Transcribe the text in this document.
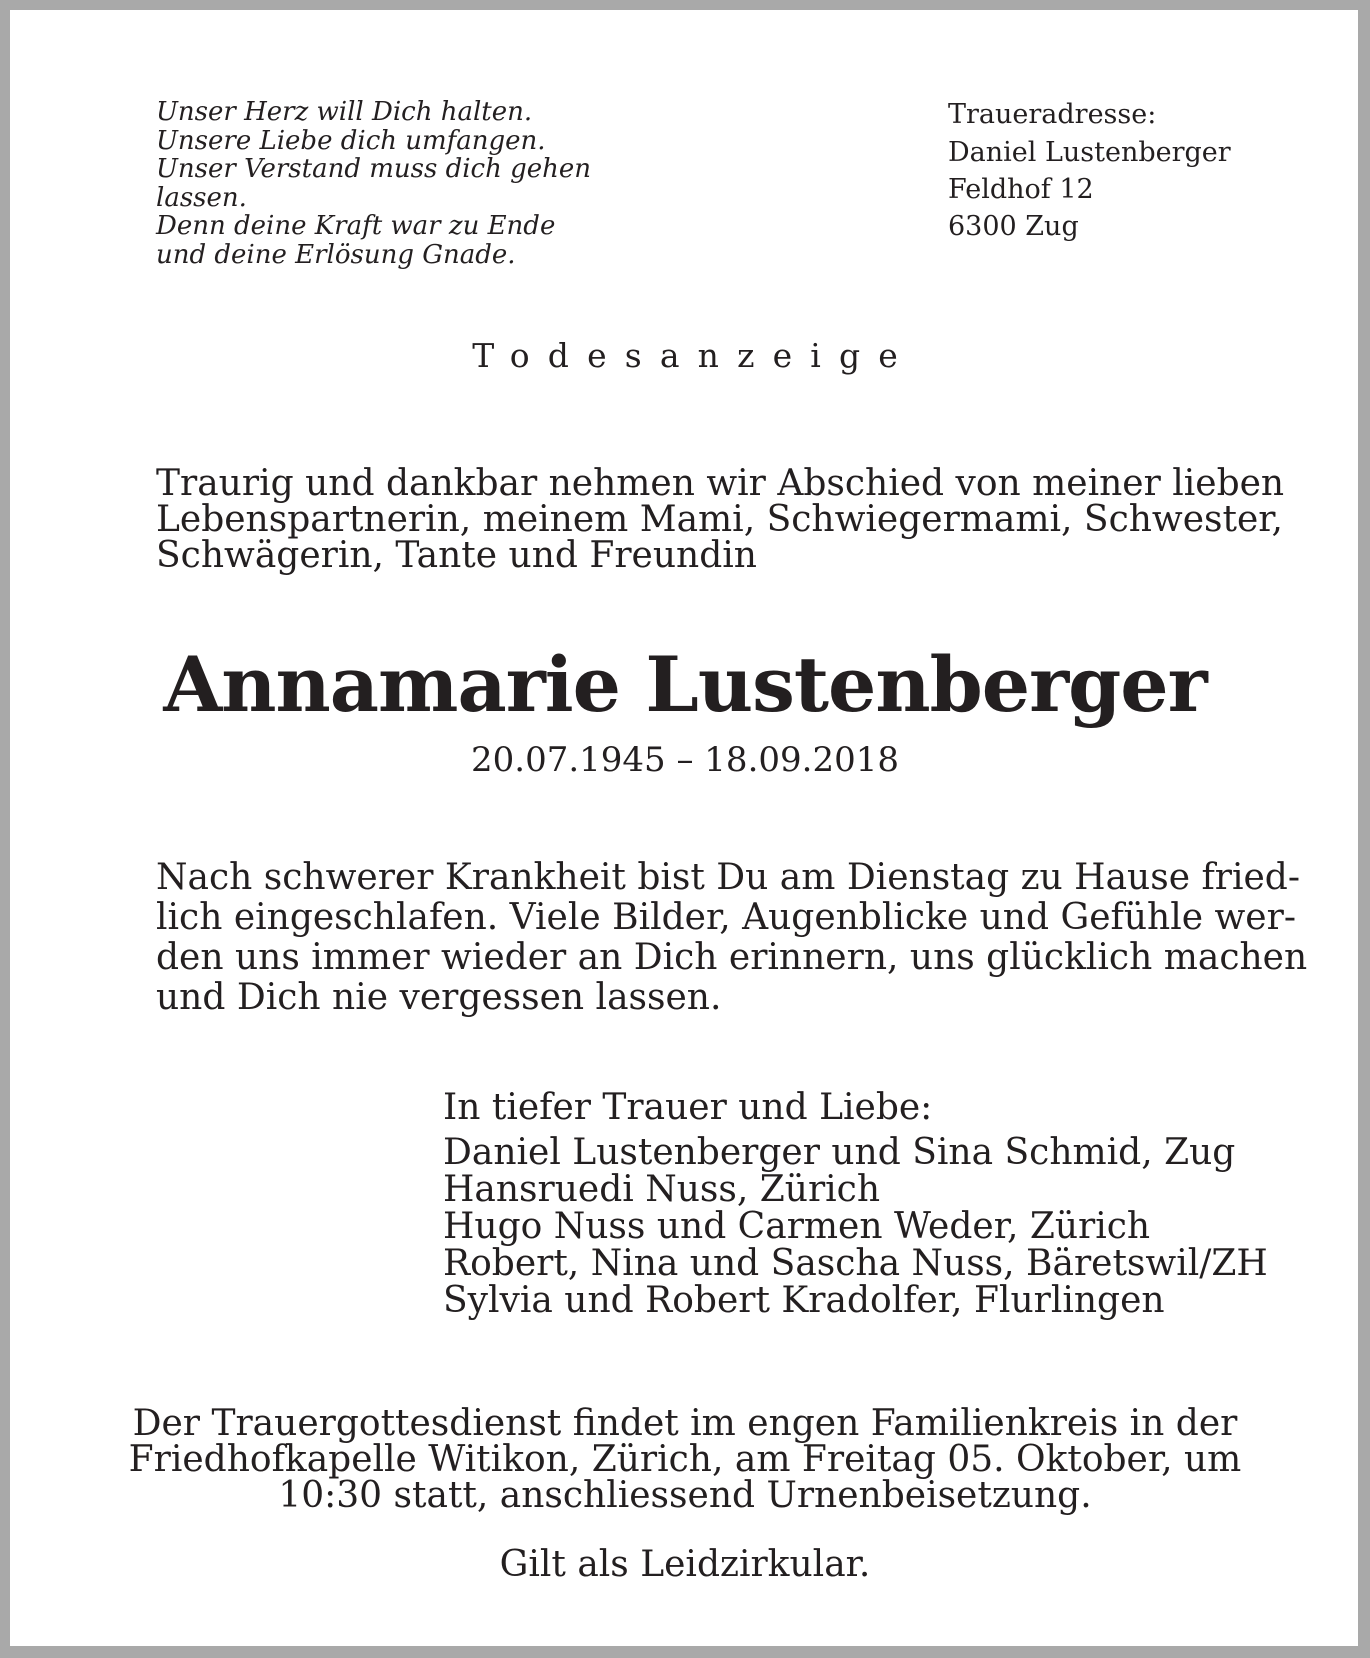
Unser Herz will Dich halten.
Unsere Liebe dich umfangen.
Unser Verstand muss dich gehen
lassen.
Denn deine Kraft war zu Ende
und deine Erlösung Gnade.
Traueradresse:
Daniel Lustenberger
Feldhof 12
6300 Zug
Todesanzeige
Traurig und dankbar nehmen wir Abschied von meiner lieben
Lebenspartnerin, meinem Mami, Schwiegermami, Schwester,
Schwägerin, Tante und Freundin
Annamarie Lustenberger
20.07.1945 – 18.09.2018
Nach schwerer Krankheit bist Du am Dienstag zu Hause fried-
lich eingeschlafen. Viele Bilder, Augenblicke und Gefühle wer-
den uns immer wieder an Dich erinnern, uns glücklich machen
und Dich nie vergessen lassen.
In tiefer Trauer und Liebe:
Daniel Lustenberger und Sina Schmid, Zug
Hansruedi Nuss, Zürich
Hugo Nuss und Carmen Weder, Zürich
Robert, Nina und Sascha Nuss, Bäretswil/ZH
Sylvia und Robert Kradolfer, Flurlingen
Der Trauergottesdienst findet im engen Familienkreis in der
Friedhofkapelle Witikon, Zürich, am Freitag 05. Oktober, um
10:30 statt, anschliessend Urnenbeisetzung.
Gilt als Leidzirkular.
